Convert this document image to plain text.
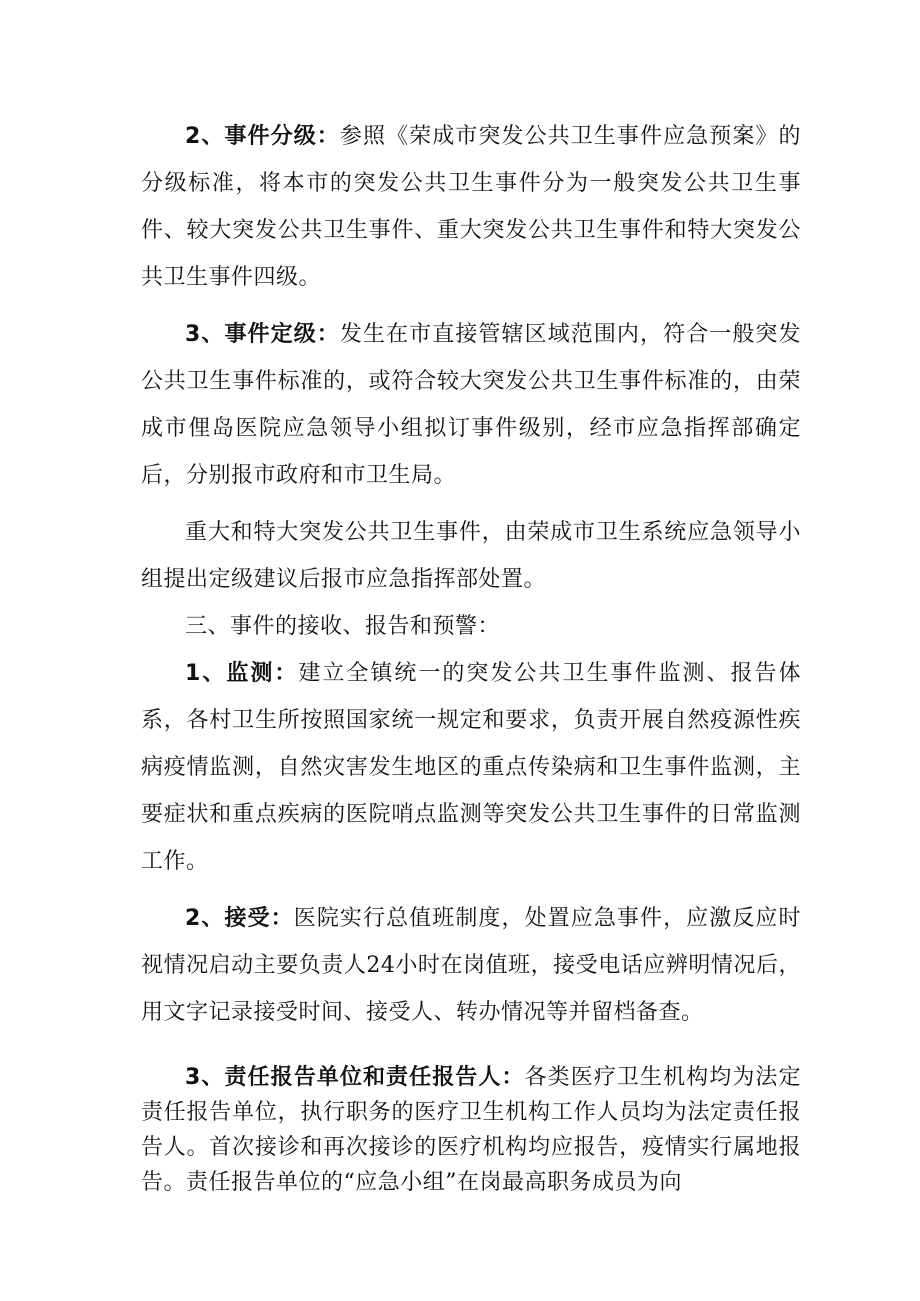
2、事件分级：参照《荣成市突发公共卫生事件应急预案》的分级标准，将本市的突发公共卫生事件分为一般突发公共卫生事件、较大突发公共卫生事件、重大突发公共卫生事件和特大突发公共卫生事件四级。

3、事件定级：发生在市直接管辖区域范围内，符合一般突发公共卫生事件标准的，或符合较大突发公共卫生事件标准的，由荣成市俚岛医院应急领导小组拟订事件级别，经市应急指挥部确定后，分别报市政府和市卫生局。

重大和特大突发公共卫生事件，由荣成市卫生系统应急领导小组提出定级建议后报市应急指挥部处置。

三、事件的接收、报告和预警：

1、监测：建立全镇统一的突发公共卫生事件监测、报告体系，各村卫生所按照国家统一规定和要求，负责开展自然疫源性疾病疫情监测，自然灾害发生地区的重点传染病和卫生事件监测，主要症状和重点疾病的医院哨点监测等突发公共卫生事件的日常监测工作。

2、接受：医院实行总值班制度，处置应急事件，应激反应时视情况启动主要负责人24小时在岗值班，接受电话应辨明情况后，用文字记录接受时间、接受人、转办情况等并留档备查。

3、责任报告单位和责任报告人：各类医疗卫生机构均为法定责任报告单位，执行职务的医疗卫生机构工作人员均为法定责任报告人。首次接诊和再次接诊的医疗机构均应报告，疫情实行属地报告。责任报告单位的“应急小组”在岗最高职务成员为向
